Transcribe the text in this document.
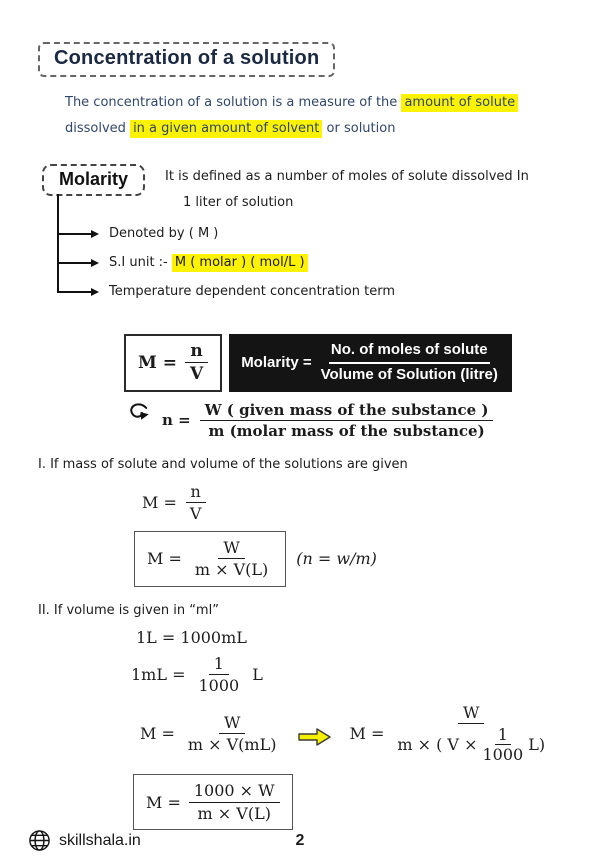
Concentration of a solution

The concentration of a solution is a measure of the amount of solute
dissolved in a given amount of solvent or solution

Molarity	It is defined as a number of moles of solute dissolved In
1 liter of solution
Denoted by ( M )
S.I unit :- M ( molar ) ( mol/L )
Temperature dependent concentration term
$M = \frac{n}{V}$ Molarity = $\frac{\text{No. of moles of solute}}{\text{Volume of Solution (litre)}}$
$n = \frac{\text{W ( given mass of the substance )}}{\text{m (molar mass of the substance)}}$

I. If mass of solute and volume of the solutions are given

$M = \frac{n}{V}$
$M = \frac{W}{m \times V(L)} (n = w/m)$

II. If volume is given in “ml”

1L = 1000mL
$1mL = \frac{1}{1000}$ L
$M = \frac{W}{m \times V(mL)}$	$M = \frac{W}{m \times ( V \times \frac{1}{1000} L)}$
$M = \frac{1000 \times W}{m \times V(L)}$
skillshala.in	2
